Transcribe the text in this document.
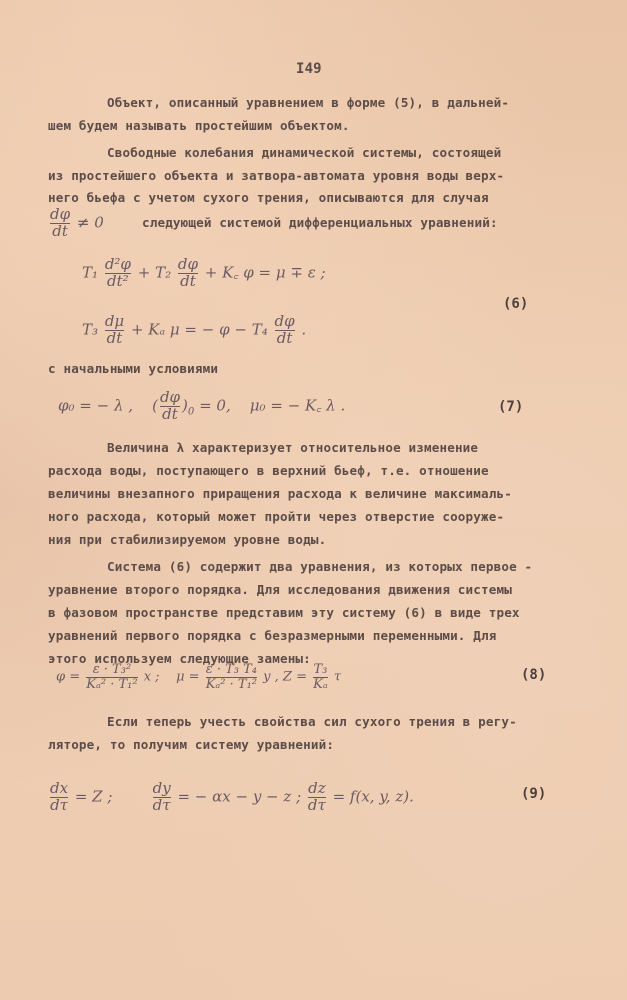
I49
Объект, описанный уравнением в форме (5), в дальней-
шем будем называть простейшим объектом.
Свободные колебания динамической системы, состоящей
из простейшего объекта и затвора-автомата уровня воды верх-
него бьефа с учетом сухого трения, описываются для случая
$\frac{d\varphi}{dt} \ne 0$	следующей системой дифференциальных уравнений:
$T_1 \frac{\text{d²φ}}{\text{dt²}} + T_2 \frac{d\varphi}{dt}$ + K꜀ φ = μ ∓ ε ;
(6)
$T_3 \frac{d\mu}{dt} + K_a$ μ = − $\varphi - T_4 \frac{d\varphi}{dt}$ .
с начальными условиями
φ₀ = − λ ,    ( $\frac{d\varphi}{dt} )_0 = 0$, μ₀ = − K꜀ λ .	(7)
Величина λ характеризует относительное изменение
расхода воды, поступающего в верхний бьеф, т.е. отношение
величины внезапного приращения расхода к величине максималь-
ного расхода, который может пройти через отверстие сооруже-
ния при стабилизируемом уровне воды.
Система (6) содержит два уравнения, из которых первое -
уравнение второго порядка. Для исследования движения системы
в фазовом пространстве представим эту систему (6) в виде трех
уравнений первого порядка с безразмерными переменными. Для
этого используем следующие замены:
$\varphi = \frac{\text{ε · T₃²}}{\text{Kₐ² · T₁²}}$ x ; $\mu = \frac{\text{ε · T₃ T₄}}{\text{Kₐ² · T₁²}}$ y , $Z = \frac{\text{T₃}}{\text{Kₐ}}$ τ	(8)
Если теперь учесть свойства сил сухого трения в регу-
ляторе, то получим систему уравнений:
$\frac{dx}{d\tau} = Z$ ;	$\frac{dy}{d\tau}$ = − αx − y − z ; $\frac{dz}{d\tau} = f(x$, y, z).	(9)
